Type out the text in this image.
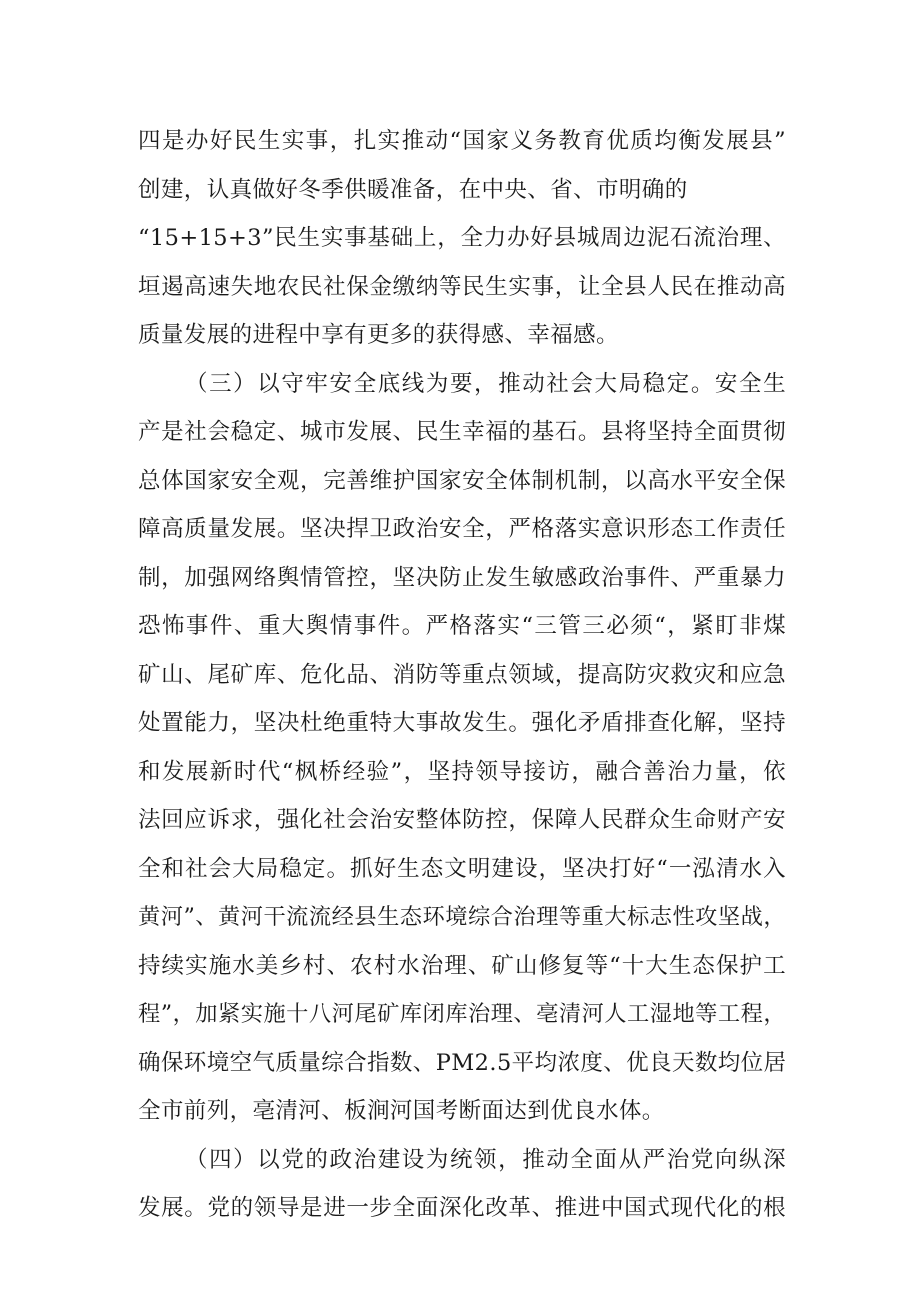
四是办好民生实事，扎实推动“国家义务教育优质均衡发展县”
创建，认真做好冬季供暖准备，在中央、省、市明确的
“15+15+3”民生实事基础上，全力办好县城周边泥石流治理、
垣遏高速失地农民社保金缴纳等民生实事，让全县人民在推动高
质量发展的进程中享有更多的获得感、幸福感。
（三）以守牢安全底线为要，推动社会大局稳定。安全生
产是社会稳定、城市发展、民生幸福的基石。县将坚持全面贯彻
总体国家安全观，完善维护国家安全体制机制，以高水平安全保
障高质量发展。坚决捍卫政治安全，严格落实意识形态工作责任
制，加强网络舆情管控，坚决防止发生敏感政治事件、严重暴力
恐怖事件、重大舆情事件。严格落实“三管三必须“，紧盯非煤
矿山、尾矿库、危化品、消防等重点领域，提高防灾救灾和应急
处置能力，坚决杜绝重特大事故发生。强化矛盾排查化解，坚持
和发展新时代“枫桥经验”，坚持领导接访，融合善治力量，依
法回应诉求，强化社会治安整体防控，保障人民群众生命财产安
全和社会大局稳定。抓好生态文明建设，坚决打好“一泓清水入
黄河”、黄河干流流经县生态环境综合治理等重大标志性攻坚战，
持续实施水美乡村、农村水治理、矿山修复等“十大生态保护工
程”，加紧实施十八河尾矿库闭库治理、亳清河人工湿地等工程，
确保环境空气质量综合指数、PM2.5平均浓度、优良天数均位居
全市前列，亳清河、板涧河国考断面达到优良水体。
（四）以党的政治建设为统领，推动全面从严治党向纵深
发展。党的领导是进一步全面深化改革、推进中国式现代化的根
